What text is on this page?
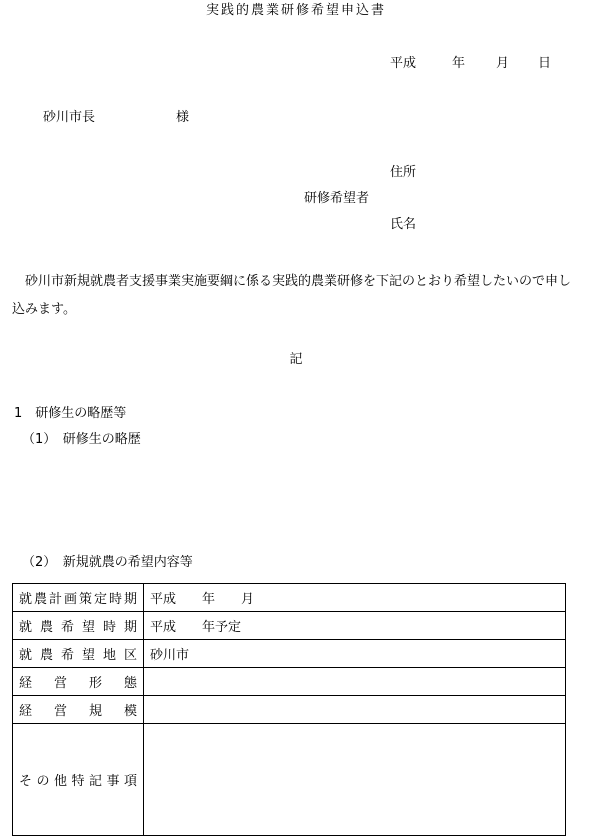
実践的農業研修希望申込書
平成	年 月 日
砂川市長	様
住所
研修希望者
氏名
砂川市新規就農者支援事業実施要綱に係る実践的農業研修を下記のとおり希望したいので申し込みます。
記
1　研修生の略歴等
（1）　研修生の略歴
（2）　新規就農の希望内容等
就農計画策定時期	平成　　年　　月
就農希望時期	平成　　年予定
就農希望地区	砂川市
経営形態	
経営規模	
その他特記事項	
